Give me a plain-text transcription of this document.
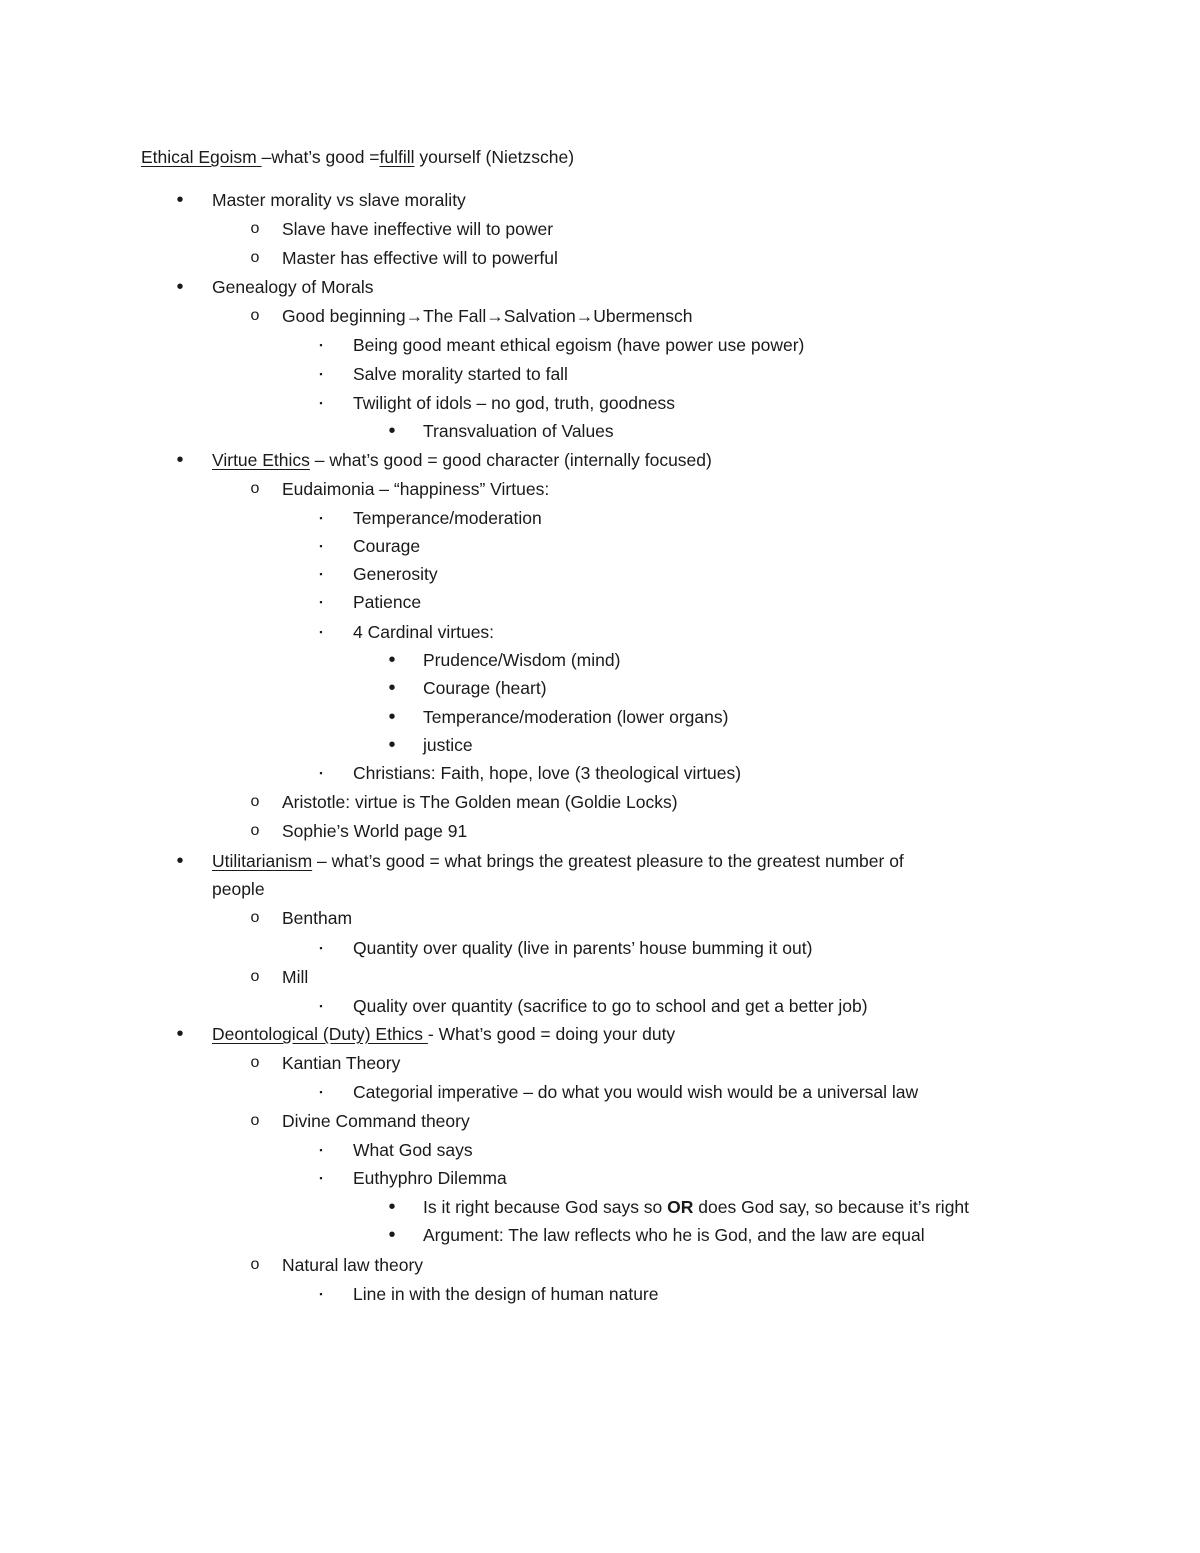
Ethical Egoism –what’s good =fulfill yourself (Nietzsche)
• Master morality vs slave morality
o Slave have ineffective will to power
o Master has effective will to powerful
• Genealogy of Morals
o Good beginning→The Fall→Salvation→Ubermensch
▪	Being good meant ethical egoism (have power use power)
▪	Salve morality started to fall
▪	Twilight of idols – no god, truth, goodness
• Transvaluation of Values
• Virtue Ethics – what’s good = good character (internally focused)
o Eudaimonia – “happiness” Virtues:
▪	Temperance/moderation
▪	Courage
▪	Generosity
▪	Patience
▪	4 Cardinal virtues:
• Prudence/Wisdom (mind)
• Courage (heart)
• Temperance/moderation (lower organs)
• justice
▪	Christians: Faith, hope, love (3 theological virtues)
o Aristotle: virtue is The Golden mean (Goldie Locks)
o Sophie’s World page 91
• Utilitarianism – what’s good = what brings the greatest pleasure to the greatest number of
people
o Bentham
▪	Quantity over quality (live in parents’ house bumming it out)
o Mill
▪	Quality over quantity (sacrifice to go to school and get a better job)
• Deontological (Duty) Ethics - What’s good = doing your duty
o Kantian Theory
▪	Categorial imperative – do what you would wish would be a universal law
o Divine Command theory
▪	What God says
▪	Euthyphro Dilemma
• Is it right because God says so OR does God say, so because it’s right
• Argument: The law reflects who he is God, and the law are equal
o Natural law theory
▪	Line in with the design of human nature
